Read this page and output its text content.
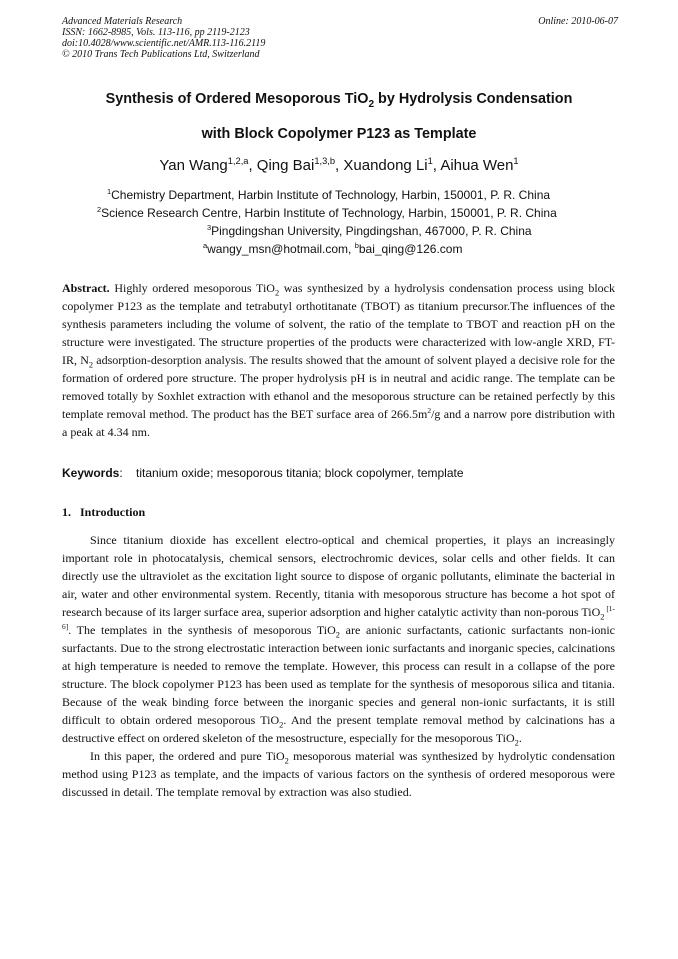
Advanced Materials Research
ISSN: 1662-8985, Vols. 113-116, pp 2119-2123
doi:10.4028/www.scientific.net/AMR.113-116.2119
© 2010 Trans Tech Publications Ltd, Switzerland
Online: 2010-06-07
Synthesis of Ordered Mesoporous TiO$_2$ by Hydrolysis Condensation
with Block Copolymer P123 as Template
Yan Wang$^{1,2,a}$, Qing Bai$^{1,3,b}$, Xuandong Li$^1$, Aihua Wen$^1$
$^1$Chemistry Department, Harbin Institute of Technology, Harbin, 150001, P. R. China
$^2$Science Research Centre, Harbin Institute of Technology, Harbin, 150001, P. R. China
$^3$Pingdingshan University, Pingdingshan, 467000, P. R. China
$^a$wangy_msn@hotmail.com, $^b$bai_qing@126.com
Abstract. Highly ordered mesoporous TiO$_2$ was synthesized by a hydrolysis condensation process using block copolymer P123 as the template and tetrabutyl orthotitanate (TBOT) as titanium precursor.The influences of the synthesis parameters including the volume of solvent, the ratio of the template to TBOT and reaction pH on the structure were investigated. The structure properties of the products were characterized with low-angle XRD, FT-IR, $N_2$ adsorption-desorption analysis. The results showed that the amount of solvent played a decisive role for the formation of ordered pore structure. The proper hydrolysis pH is in neutral and acidic range. The template can be removed totally by Soxhlet extraction with ethanol and the mesoporous structure can be retained perfectly by this template removal method. The product has the BET surface area of $266.5m^2/g$ and a narrow pore distribution with a peak at 4.34 nm.
Keywords:    titanium oxide; mesoporous titania; block copolymer, template
1. Introduction

Since titanium dioxide has excellent electro-optical and chemical properties, it plays an increasingly important role in photocatalysis, chemical sensors, electrochromic devices, solar cells and other fields. It can directly use the ultraviolet as the excitation light source to dispose of organic pollutants, eliminate the bacterial in air, water and other environmental system. Recently, titania with mesoporous structure has become a hot spot of research because of its larger surface area, superior adsorption and higher catalytic activity than non-porous TiO$_2$ [1-6]. The templates in the synthesis of mesoporous TiO$_2$ are anionic surfactants, cationic surfactants non-ionic surfactants. Due to the strong electrostatic interaction between ionic surfactants and inorganic species, calcinations at high temperature is needed to remove the template. However, this process can result in a collapse of the pore structure. The block copolymer P123 has been used as template for the synthesis of mesoporous silica and titania. Because of the weak binding force between the inorganic species and general non-ionic surfactants, it is still difficult to obtain ordered mesoporous TiO$_2$. And the present template removal method by calcinations has a destructive effect on ordered skeleton of the mesostructure, especially for the mesoporous TiO$_2$.

In this paper, the ordered and pure TiO$_2$ mesoporous material was synthesized by hydrolytic condensation method using P123 as template, and the impacts of various factors on the synthesis of ordered mesoporous were discussed in detail. The template removal by extraction was also studied.
